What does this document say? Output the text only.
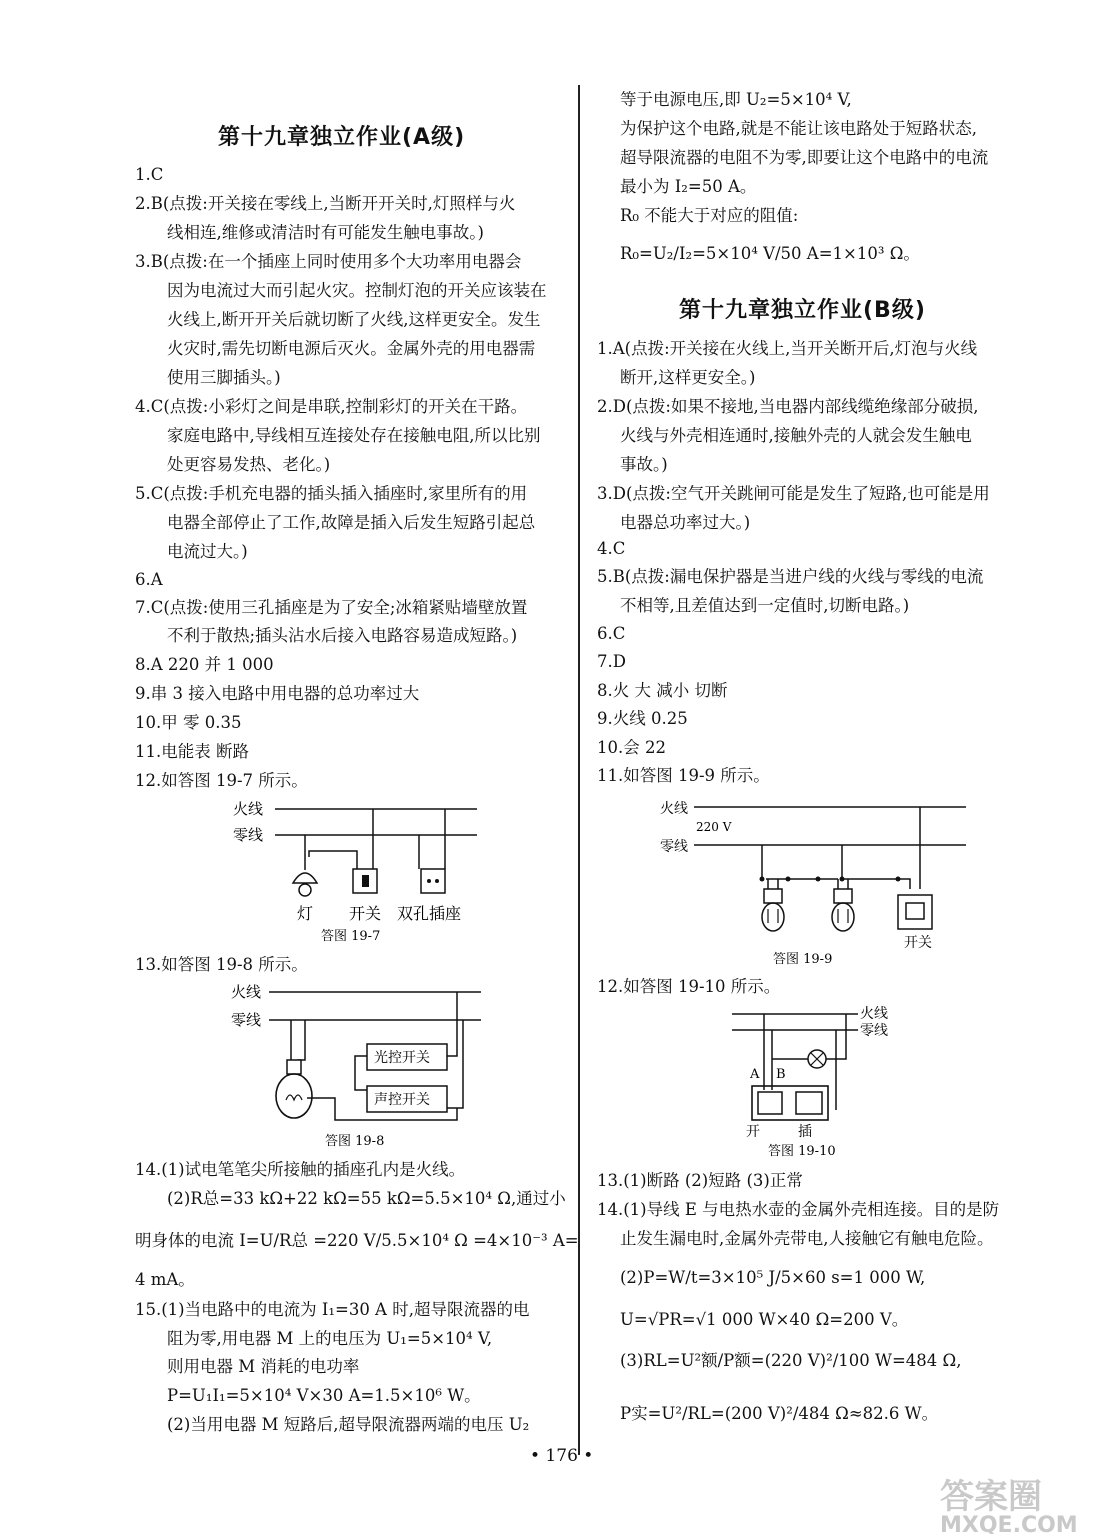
第十九章独立作业(A级)
1.C
2.B(点拨:开关接在零线上,当断开开关时,灯照样与火
线相连,维修或清洁时有可能发生触电事故。)
3.B(点拨:在一个插座上同时使用多个大功率用电器会
因为电流过大而引起火灾。控制灯泡的开关应该装在
火线上,断开开关后就切断了火线,这样更安全。发生
火灾时,需先切断电源后灭火。金属外壳的用电器需
使用三脚插头。)
4.C(点拨:小彩灯之间是串联,控制彩灯的开关在干路。
家庭电路中,导线相互连接处存在接触电阻,所以比别
处更容易发热、老化。)
5.C(点拨:手机充电器的插头插入插座时,家里所有的用
电器全部停止了工作,故障是插入后发生短路引起总
电流过大。)
6.A
7.C(点拨:使用三孔插座是为了安全;冰箱紧贴墙壁放置
不利于散热;插头沾水后接入电路容易造成短路。)
8.A 220 并 1 000
9.串 3 接入电路中用电器的总功率过大
10.甲 零 0.35
11.电能表 断路
12.如答图 19-7 所示。
火线
零线
灯 开关 双孔插座
答图 19-7
13.如答图 19-8 所示。
火线
零线
光控开关
声控开关
答图 19-8
14.(1)试电笔笔尖所接触的插座孔内是火线。
(2)R总=33 kΩ+22 kΩ=55 kΩ=5.5×10⁴ Ω,通过小
明身体的电流 I=U/R总 =220 V/5.5×10⁴ Ω =4×10⁻³ A=
4 mA。
15.(1)当电路中的电流为 I₁=30 A 时,超导限流器的电
阻为零,用电器 M 上的电压为 U₁=5×10⁴ V,
则用电器 M 消耗的电功率
P=U₁I₁=5×10⁴ V×30 A=1.5×10⁶ W。
(2)当用电器 M 短路后,超导限流器两端的电压 U₂
等于电源电压,即 U₂=5×10⁴ V,
为保护这个电路,就是不能让该电路处于短路状态,
超导限流器的电阻不为零,即要让这个电路中的电流
最小为 I₂=50 A。
R₀ 不能大于对应的阻值:
R₀=U₂/I₂=5×10⁴ V/50 A=1×10³ Ω。
第十九章独立作业(B级)
1.A(点拨:开关接在火线上,当开关断开后,灯泡与火线
断开,这样更安全。)
2.D(点拨:如果不接地,当电器内部线缆绝缘部分破损,
火线与外壳相连通时,接触外壳的人就会发生触电
事故。)
3.D(点拨:空气开关跳闸可能是发生了短路,也可能是用
电器总功率过大。)
4.C
5.B(点拨:漏电保护器是当进户线的火线与零线的电流
不相等,且差值达到一定值时,切断电路。)
6.C
7.D
8.火 大 减小 切断
9.火线 0.25
10.会 22
11.如答图 19-9 所示。
火线
220 V
零线
开关
答图 19-9
12.如答图 19-10 所示。
火线
零线
A B
开	插
答图 19-10
13.(1)断路 (2)短路 (3)正常
14.(1)导线 E 与电热水壶的金属外壳相连接。目的是防
止发生漏电时,金属外壳带电,人接触它有触电危险。
(2)P=W/t=3×10⁵ J/5×60 s=1 000 W,
U=√PR=√1 000 W×40 Ω=200 V。
(3)RL=U²额/P额=(220 V)²/100 W=484 Ω,
P实=U²/RL=(200 V)²/484 Ω≈82.6 W。
• 176 •
答案圈
MXQE.COM
